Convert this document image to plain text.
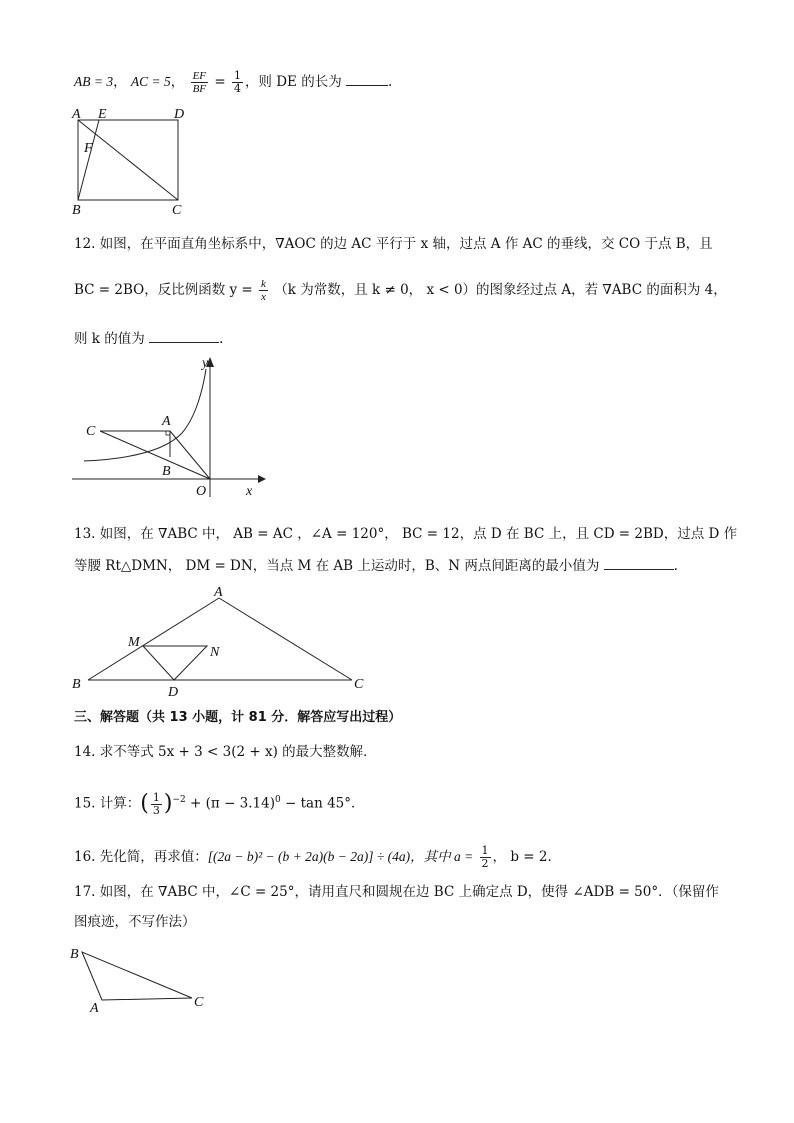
AB = 3， AC = 5， $\frac{EF}{BF} = \frac{1}{4}$ ，则 DE 的长为	.
A E	D
F
B	C
12. 如图，在平面直角坐标系中，∇AOC 的边 AC 平行于 x 轴，过点 A 作 AC 的垂线，交 CO 于点 B，且
BC = 2BO，反比例函数 $y = \frac{k}{x} (k$ 为常数，且 k ≠ 0， x < 0）的图象经过点 A，若 ∇ABC 的面积为 4，
则 k 的值为	.
y
A
C
B
O	x
13. 如图，在 ∇ABC 中， AB = AC ，∠A = 120°， BC = 12，点 D 在 BC 上，且 CD = 2BD，过点 D 作
等腰 Rt△DMN， DM = DN，当点 M 在 AB 上运动时，B、N 两点间距离的最小值为	.
A
M
N
B
D
C
三、解答题（共 13 小题，计 81 分．解答应写出过程）
14. 求不等式 5x + 3 < 3(2 + x) 的最大整数解．
15. 计算：( $\frac{1}{3} )^{-2} + (\pi - 3.14)^0 - \tan 45^\circ$．
16. 先化简，再求值：[(2a − b)² − (b + 2a)(b − 2a)] ÷ (4a)，其中 $a = \frac{1}{2}$ ， b = 2．
17. 如图，在 ∇ABC 中，∠C = 25°，请用直尺和圆规在边 BC 上确定点 D，使得 ∠ADB = 50°．（保留作
图痕迹，不写作法）
B
A	C
